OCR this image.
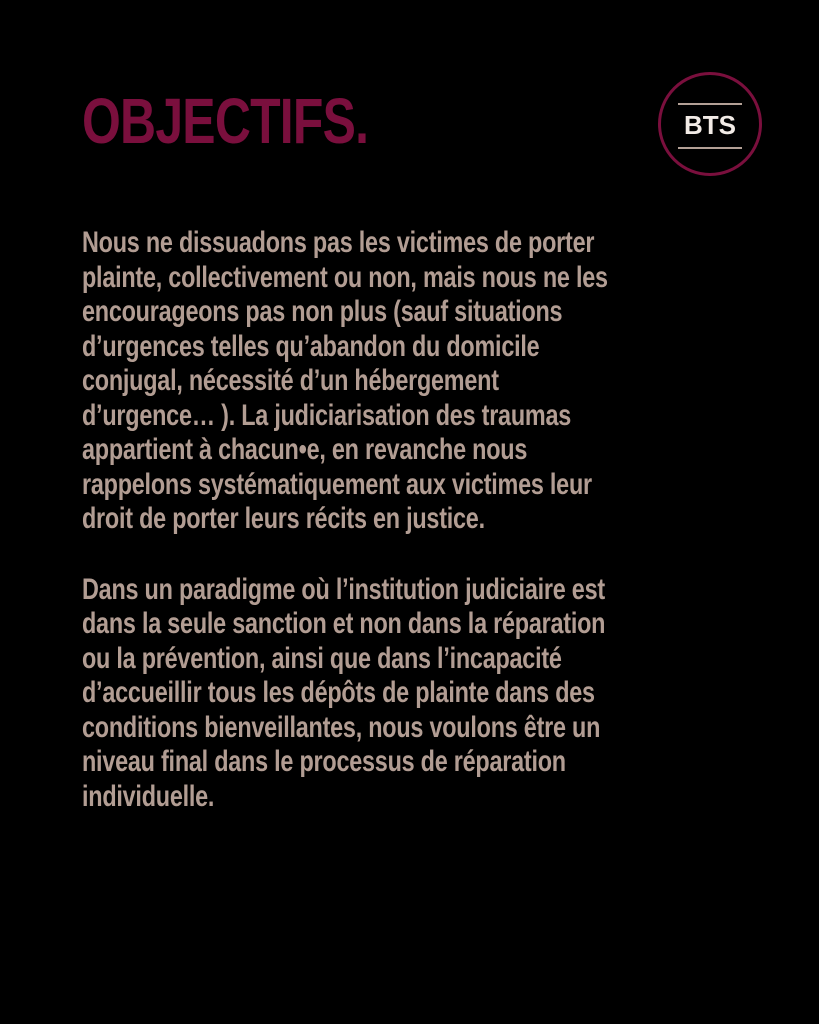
OBJECTIFS.	BTS

Nous ne dissuadons pas les victimes de porter
plainte, collectivement ou non, mais nous ne les
encourageons pas non plus (sauf situations
d’urgences telles qu’abandon du domicile
conjugal, nécessité d’un hébergement
d’urgence… ). La judiciarisation des traumas
appartient à chacun•e, en revanche nous
rappelons systématiquement aux victimes leur
droit de porter leurs récits en justice.

Dans un paradigme où l’institution judiciaire est
dans la seule sanction et non dans la réparation
ou la prévention, ainsi que dans l’incapacité
d’accueillir tous les dépôts de plainte dans des
conditions bienveillantes, nous voulons être un
niveau final dans le processus de réparation
individuelle.
